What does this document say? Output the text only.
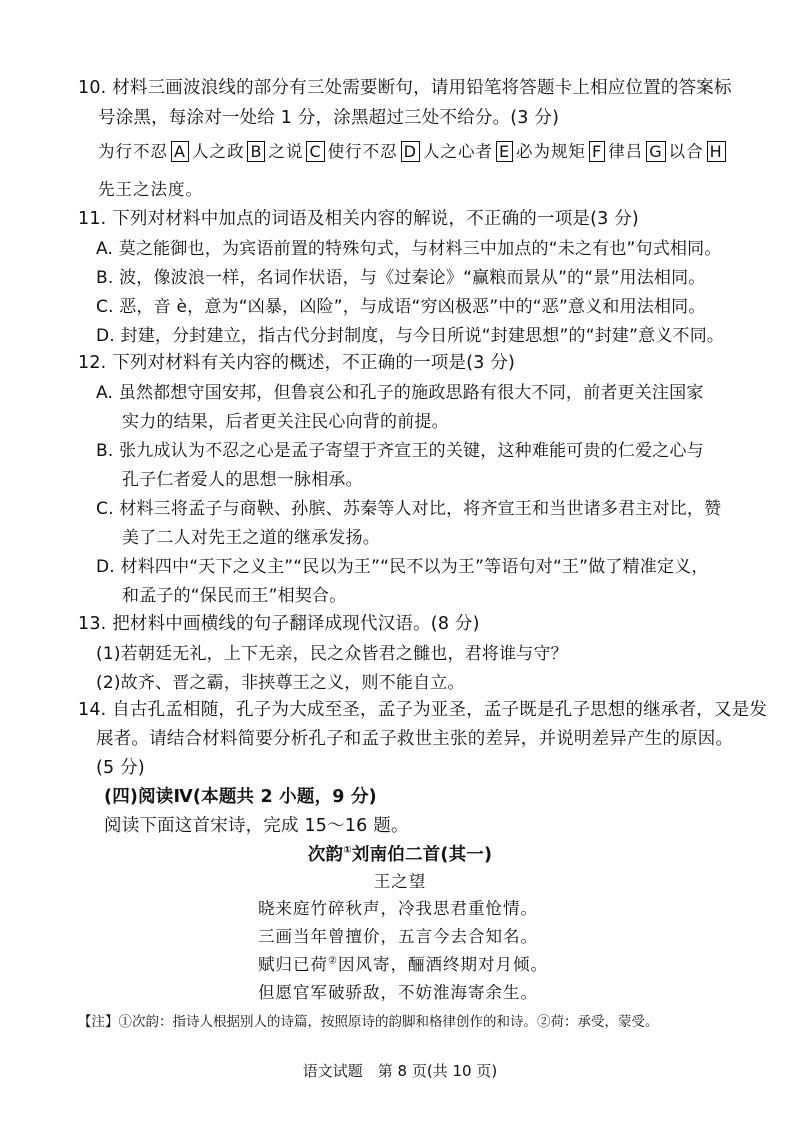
10. 材料三画波浪线的部分有三处需要断句，请用铅笔将答题卡上相应位置的答案标
号涂黑，每涂对一处给 1 分，涂黑超过三处不给分。(3 分)
为行不忍 A 人之政 B 之说 C 使行不忍 D 人之心者 E 必为规矩 F 律吕 G 以合 H
先王之法度。
11. 下列对材料中加点的词语及相关内容的解说，不正确的一项是(3 分)
A. 莫之能御也，为宾语前置的特殊句式，与材料三中加点的“未之有也”句式相同。
B. 波，像波浪一样，名词作状语，与《过秦论》“赢粮而景从”的“景”用法相同。
C. 恶，音 è，意为“凶暴，凶险”，与成语“穷凶极恶”中的“恶”意义和用法相同。
D. 封建，分封建立，指古代分封制度，与今日所说“封建思想”的“封建”意义不同。
12. 下列对材料有关内容的概述，不正确的一项是(3 分)
A. 虽然都想守国安邦，但鲁哀公和孔子的施政思路有很大不同，前者更关注国家
实力的结果，后者更关注民心向背的前提。
B. 张九成认为不忍之心是孟子寄望于齐宣王的关键，这种难能可贵的仁爱之心与
孔子仁者爱人的思想一脉相承。
C. 材料三将孟子与商鞅、孙膑、苏秦等人对比，将齐宣王和当世诸多君主对比，赞
美了二人对先王之道的继承发扬。
D. 材料四中“天下之义主”“民以为王”“民不以为王”等语句对“王”做了精准定义，
和孟子的“保民而王”相契合。
13. 把材料中画横线的句子翻译成现代汉语。(8 分)
(1)若朝廷无礼，上下无亲，民之众皆君之雠也，君将谁与守？
(2)故齐、晋之霸，非挟尊王之义，则不能自立。
14. 自古孔孟相随，孔子为大成至圣，孟子为亚圣，孟子既是孔子思想的继承者，又是发
展者。请结合材料简要分析孔子和孟子救世主张的差异，并说明差异产生的原因。
(5 分)
(四)阅读Ⅳ(本题共 2 小题，9 分)
阅读下面这首宋诗，完成 15～16 题。
次韵①刘南伯二首(其一)
王之望
晓来庭竹碎秋声，冷我思君重怆情。
三画当年曾擅价，五言今去合知名。
赋归已荷②因风寄，酾酒终期对月倾。
但愿官军破骄敌，不妨淮海寄余生。
【注】①次韵：指诗人根据别人的诗篇，按照原诗的韵脚和格律创作的和诗。②荷：承受，蒙受。
语文试题　第 8 页(共 10 页)
